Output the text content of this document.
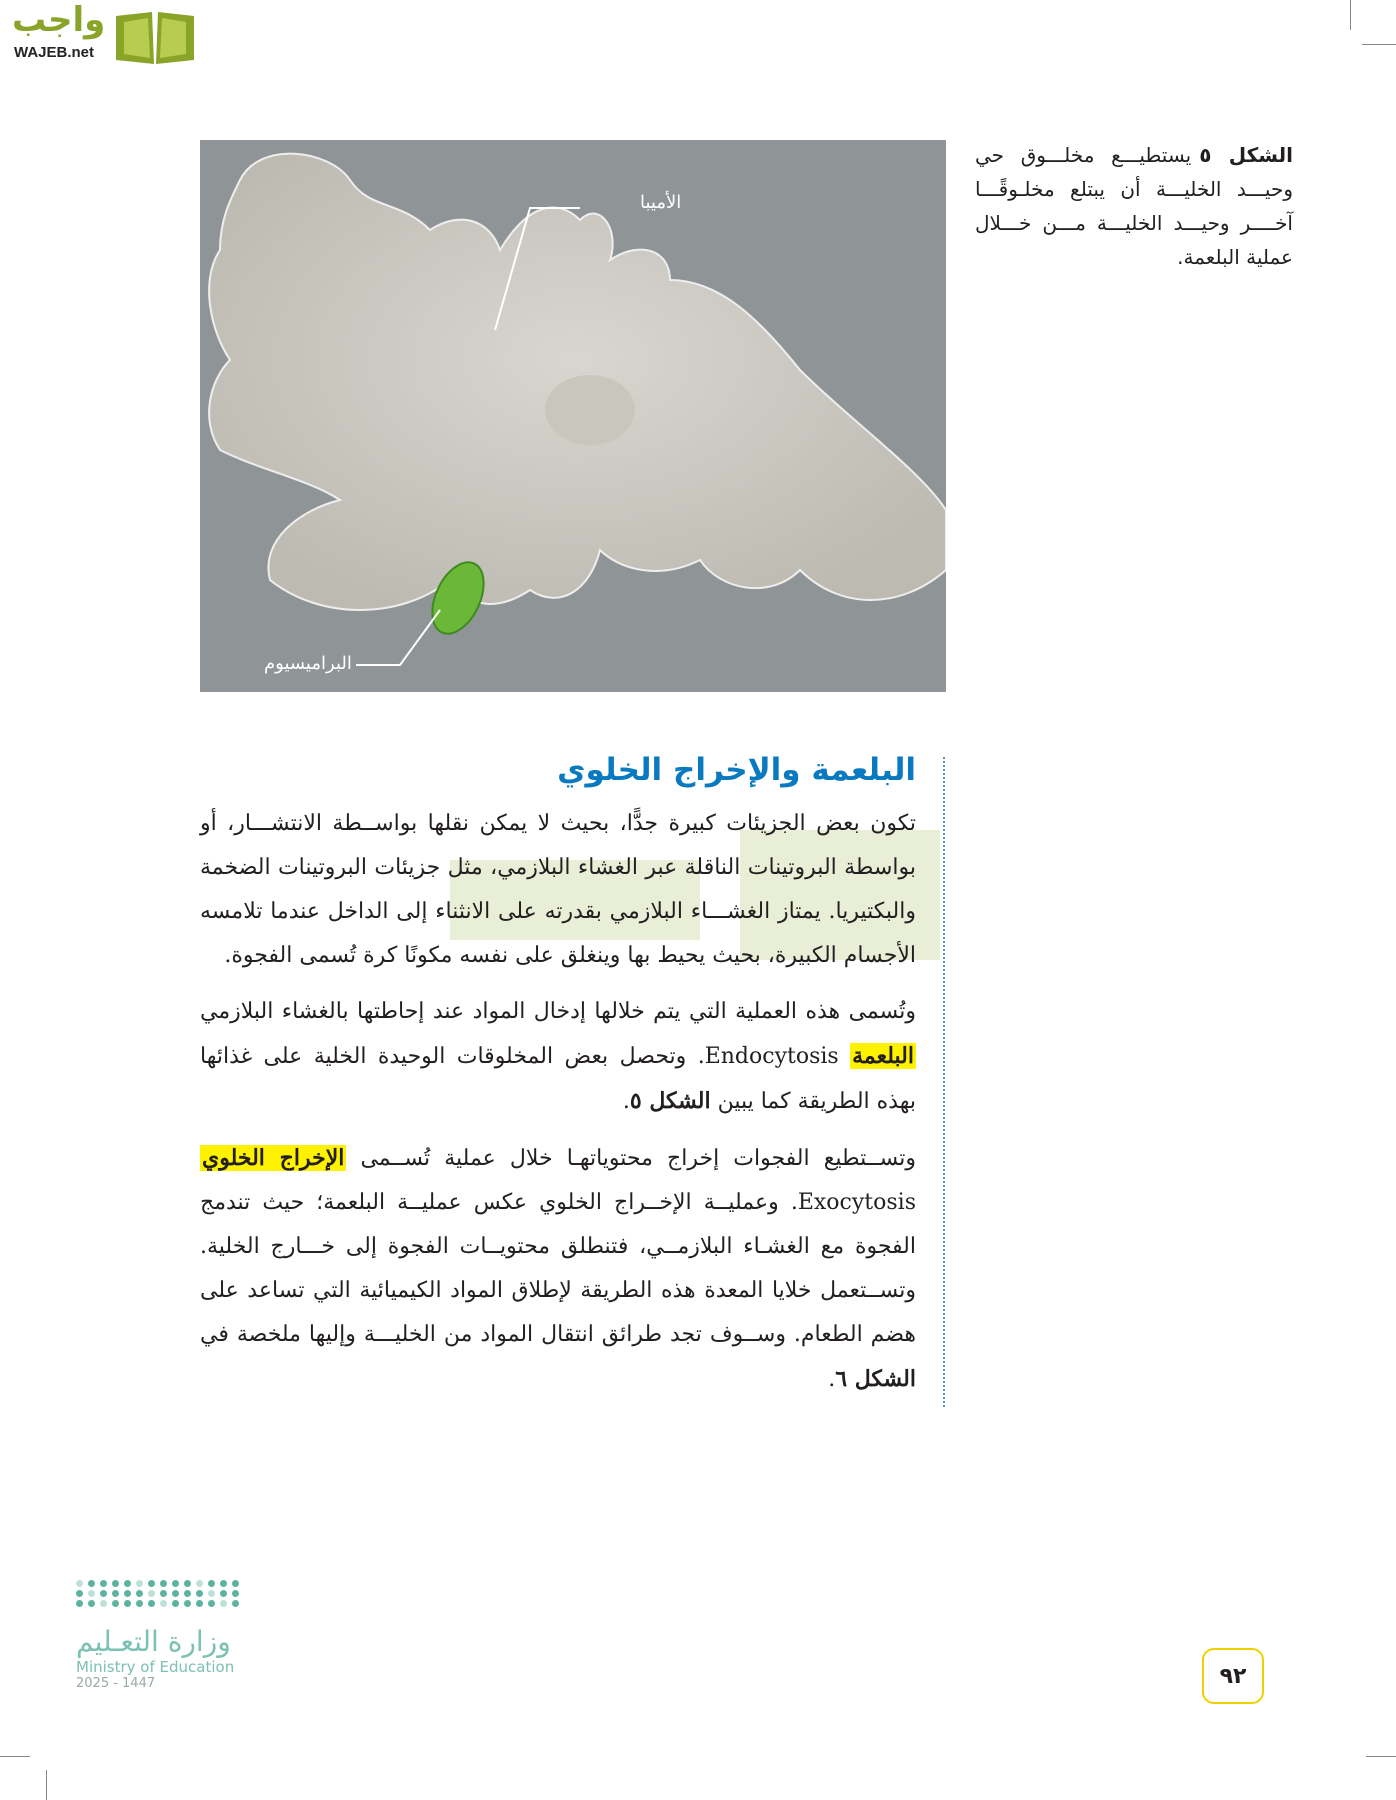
واجب
WAJEB.net
الأميبا
البراميسيوم
الشكل ٥يستطيـــع مخلـــوق حي وحيـــد الخليـــة أن يبتلع مخلـوقًـــا آخــــر وحيـــد الخليـــة مـــن خـــلال عملية البلعمة.
البلعمة والإخراج الخلوي

تكون بعض الجزيئات كبيرة جدًّا، بحيث لا يمكن نقلها بواســطة الانتشـــار، أو بواسطة البروتينات الناقلة عبر الغشاء البلازمي، مثل جزيئات البروتينات الضخمة والبكتيريا. يمتاز الغشـــاء البلازمي بقدرته على الانثناء إلى الداخل عندما تلامسه الأجسام الكبيرة، بحيث يحيط بها وينغلق على نفسه مكونًا كرة تُسمى الفجوة.

وتُسمى هذه العملية التي يتم خلالها إدخال المواد عند إحاطتها بالغشاء البلازمي البلعمة Endocytosis. وتحصل بعض المخلوقات الوحيدة الخلية على غذائها بهذه الطريقة كما يبين الشكل ٥.

وتســتطيع الفجوات إخراج محتوياتهـا خلال عملية تُســمى الإخراج الخلوي Exocytosis. وعمليــة الإخــراج الخلوي عكس عمليــة البلعمة؛ حيث تندمج الفجوة مع الغشـاء البلازمــي، فتنطلق محتويــات الفجوة إلى خـــارج الخلية. وتســتعمل خلايا المعدة هذه الطريقة لإطلاق المواد الكيميائية التي تساعد على هضم الطعام. وســوف تجد طرائق انتقال المواد من الخليـــة وإليها ملخصة في الشكل ٦.

وزارة التعـليم
Ministry of Education
2025 - 1447	٩٢
